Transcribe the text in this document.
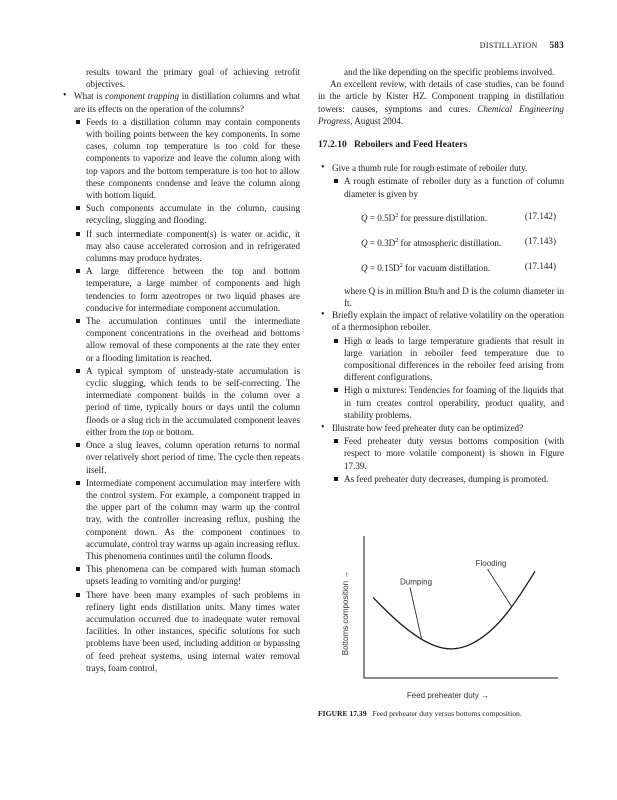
DISTILLATION 583

results toward the primary goal of achieving retrofit objectives.

• What is component trapping in distillation columns and what are its effects on the operation of the columns?

Feeds to a distillation column may contain components with boiling points between the key components. In some cases, column top temperature is too cold for these components to vaporize and leave the column along with top vapors and the bottom temperature is too hot to allow these components condense and leave the column along with bottom liquid.

Such components accumulate in the column, causing recycling, slugging and flooding.

If such intermediate component(s) is water or acidic, it may also cause accelerated corrosion and in refrigerated columns may produce hydrates.

A large difference between the top and bottom temperature, a large number of components and high tendencies to form azeotropes or two liquid phases are conducive for intermediate component accumulation.

The accumulation continues until the intermediate component concentrations in the overhead and bottoms allow removal of these components at the rate they enter or a flooding limitation is reached.

A typical symptom of unsteady-state accumulation is cyclic slugging, which tends to be self-correcting. The intermediate component builds in the column over a period of time, typically hours or days until the column floods or a slug rich in the accumulated component leaves either from the top or bottom.

Once a slug leaves, column operation returns to normal over relatively short period of time. The cycle then repeats itself.

Intermediate component accumulation may interfere with the control system. For example, a component trapped in the upper part of the column may warm up the control tray, with the controller increasing reflux, pushing the component down. As the component continues to accumulate, control tray warms up again increasing reflux. This phenomena continues until the column floods.

This phenomena can be compared with human stomach upsets leading to vomiting and/or purging!

There have been many examples of such problems in refinery light ends distillation units. Many times water accumulation occurred due to inadequate water removal facilities. In other instances, specific solutions for such problems have been used, including addition or bypassing of feed preheat systems, using internal water removal trays, foam control,

and the like depending on the specific problems involved.

An excellent review, with details of case studies, can be found in the article by Kister HZ. Component trapping in distillation towers: causes, symptoms and cures. Chemical Engineering Progress, August 2004.

17.2.10 Reboilers and Feed Heaters

• Give a thumb rule for rough estimate of reboiler duty.

A rough estimate of reboiler duty as a function of column diameter is given by

$Q = 0.5D^2$ for pressure distillation.	(17.142)
$Q = 0.3D^2$ for atmospheric distillation.	(17.143)
$Q = 0.15D^2$ for vacuum distillation.	(17.144)

where Q is in million Btu/h and D is the column diameter in ft.

• Briefly explain the impact of relative volatility on the operation of a thermosiphon reboiler.

High α leads to large temperature gradients that result in large variation in reboiler feed temperature due to compositional differences in the reboiler feed arising from different configurations.

High α mixtures: Tendencies for foaming of the liquids that in turn creates control operability, product quality, and stability problems.

• Illustrate how feed preheater duty can be optimized?

Feed preheater duty versus bottoms composition (with respect to more volatile component) is shown in Figure 17.39.

As feed preheater duty decreases, dumping is promoted.

Feed preheater duty →
Bottoms composition →
Flooding
Dumping
FIGURE 17.39 Feed preheater duty versus bottoms composition.
